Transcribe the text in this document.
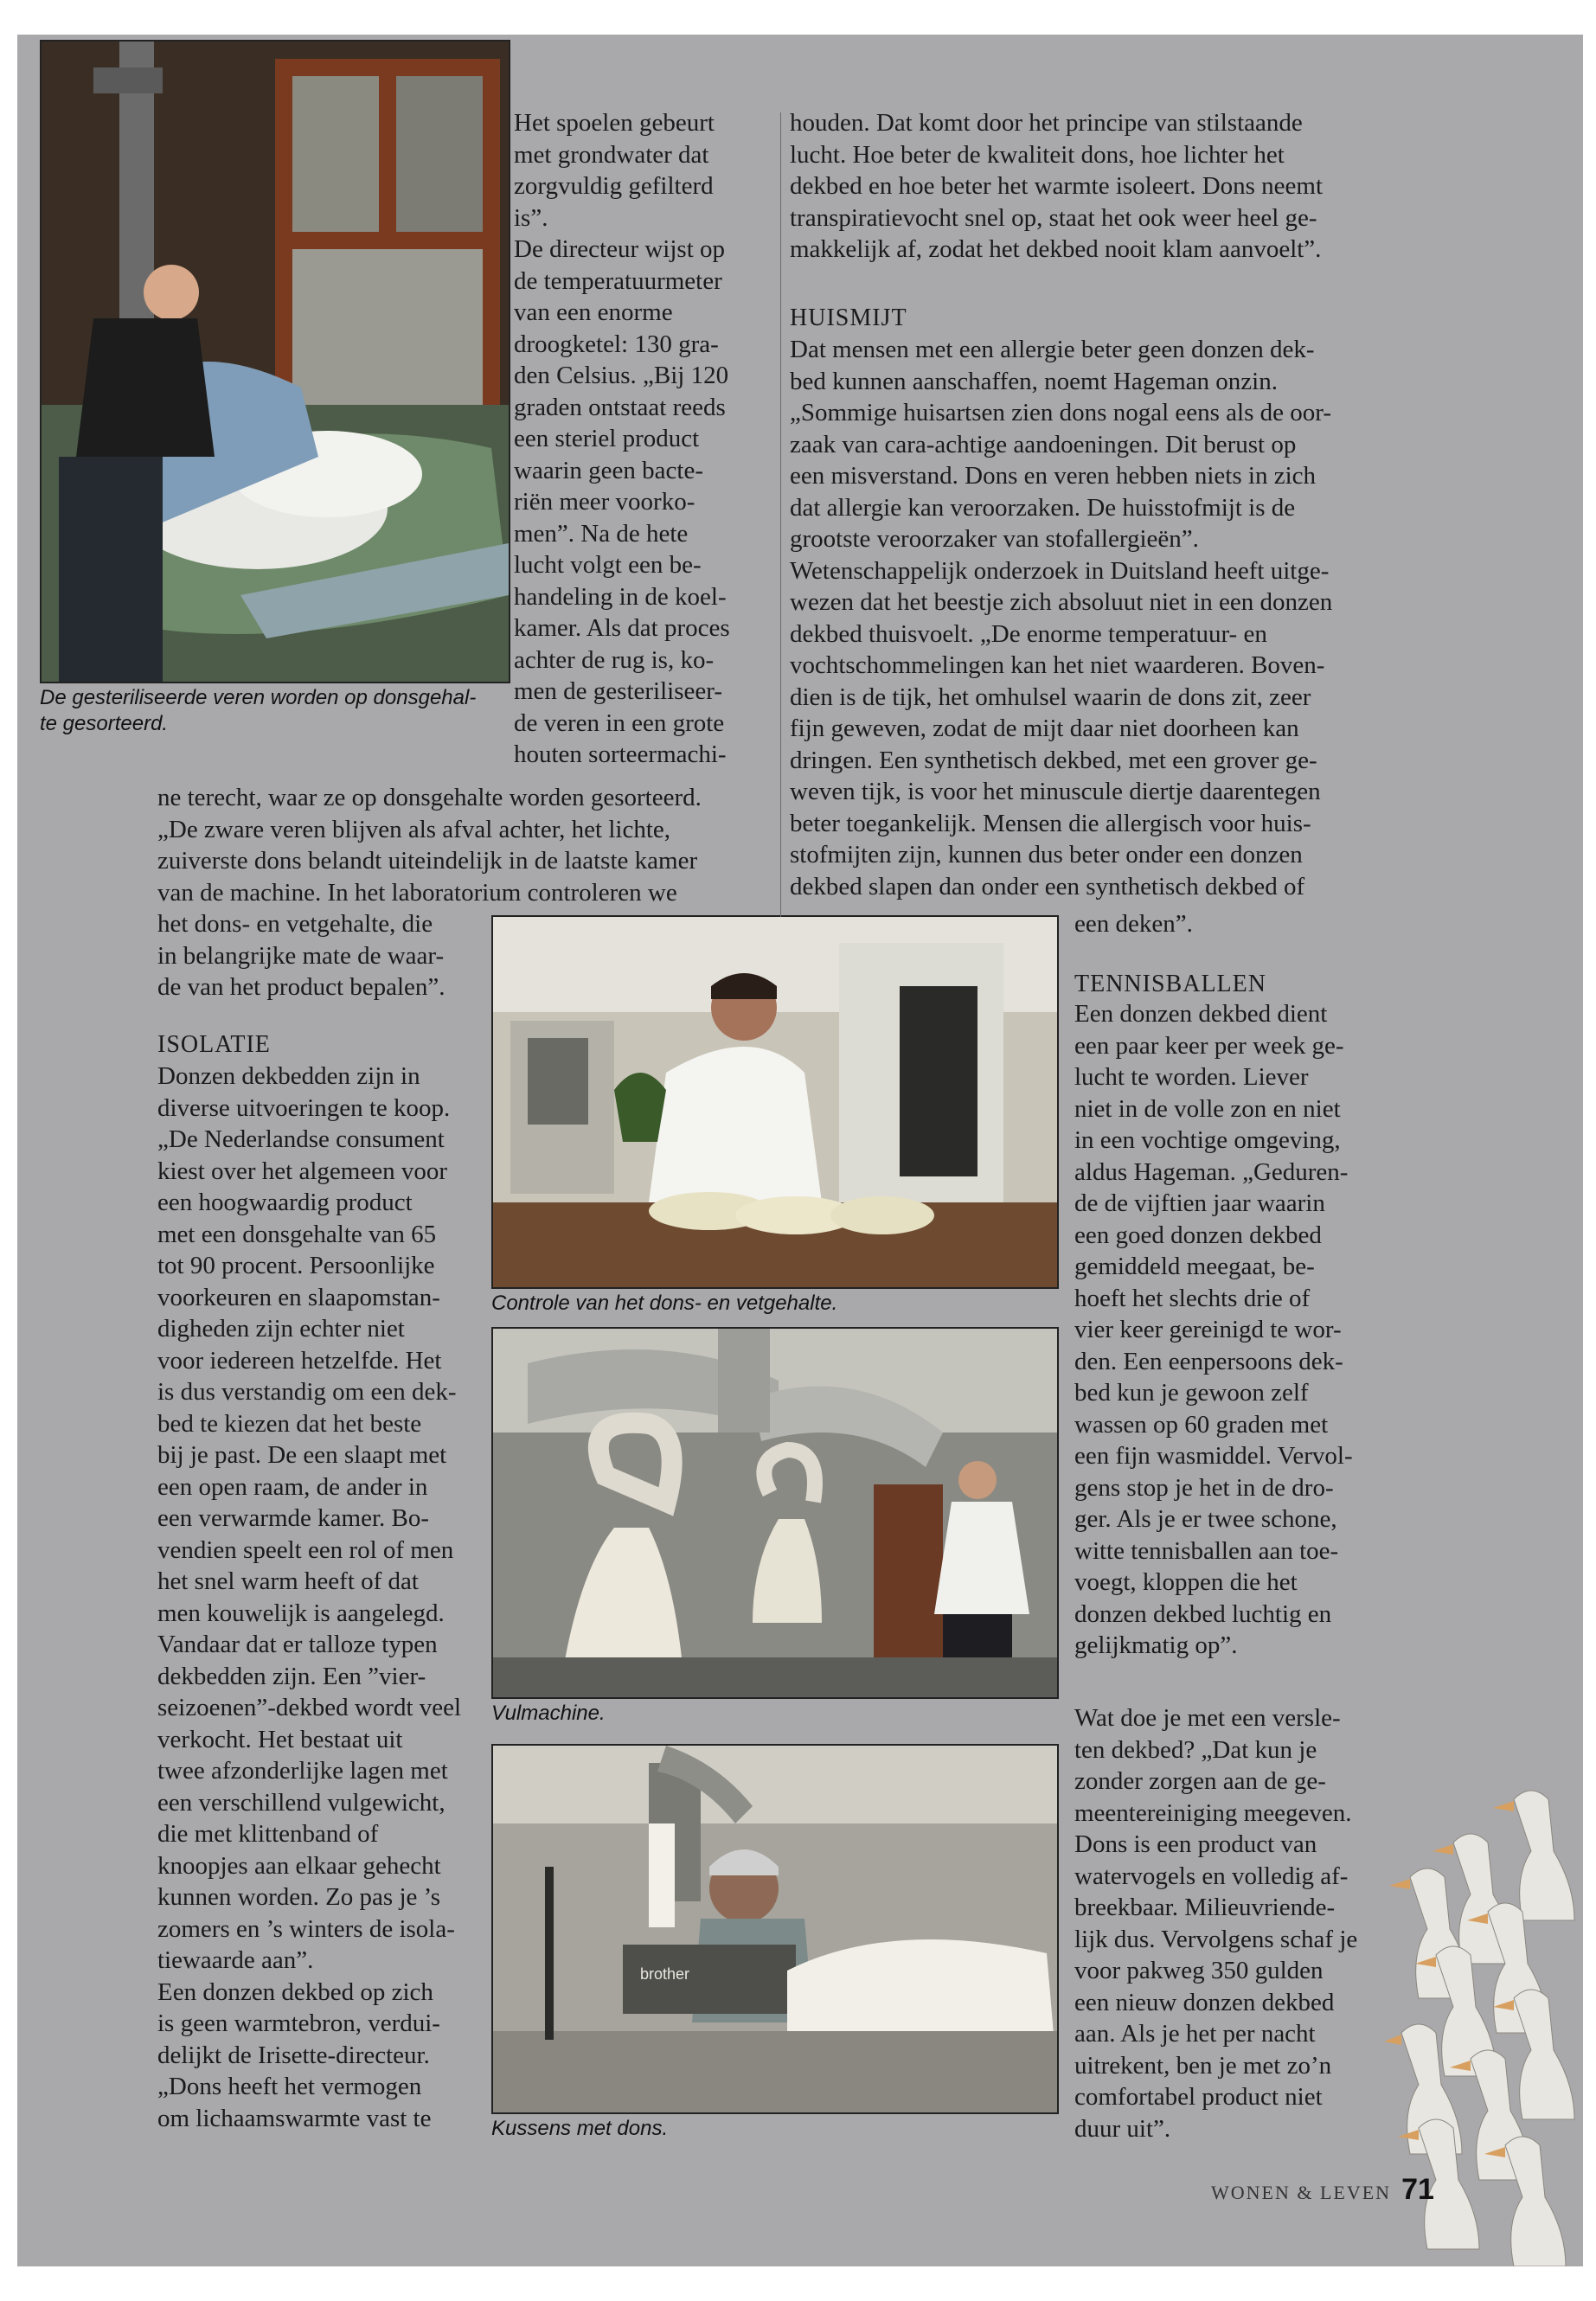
De gesteriliseerde veren worden op donsgehal-
te gesorteerd.

Het spoelen gebeurt
met grondwater dat
zorgvuldig gefilterd
is”.
De directeur wijst op
de temperatuurmeter
van een enorme
droogketel: 130 gra-
den Celsius. „Bij 120
graden ontstaat reeds
een steriel product
waarin geen bacte-
riën meer voorko-
men”. Na de hete
lucht volgt een be-
handeling in de koel-
kamer. Als dat proces
achter de rug is, ko-
men de gesteriliseer-
de veren in een grote
houten sorteermachi-

ne terecht, waar ze op donsgehalte worden gesorteerd.
„De zware veren blijven als afval achter, het lichte,
zuiverste dons belandt uiteindelijk in de laatste kamer
van de machine. In het laboratorium controleren we

het dons- en vetgehalte, die
in belangrijke mate de waar-
de van het product bepalen”.

ISOLATIE

Donzen dekbedden zijn in
diverse uitvoeringen te koop.
„De Nederlandse consument
kiest over het algemeen voor
een hoogwaardig product
met een donsgehalte van 65
tot 90 procent. Persoonlijke
voorkeuren en slaapomstan-
digheden zijn echter niet
voor iedereen hetzelfde. Het
is dus verstandig om een dek-
bed te kiezen dat het beste
bij je past. De een slaapt met
een open raam, de ander in
een verwarmde kamer. Bo-
vendien speelt een rol of men
het snel warm heeft of dat
men kouwelijk is aangelegd.
Vandaar dat er talloze typen
dekbedden zijn. Een ”vier-
seizoenen”-dekbed wordt veel
verkocht. Het bestaat uit
twee afzonderlijke lagen met
een verschillend vulgewicht,
die met klittenband of
knoopjes aan elkaar gehecht
kunnen worden. Zo pas je ’s
zomers en ’s winters de isola-
tiewaarde aan”.
Een donzen dekbed op zich
is geen warmtebron, verdui-
delijkt de Irisette-directeur.
„Dons heeft het vermogen
om lichaamswarmte vast te

Controle van het dons- en vetgehalte.

Vulmachine.

brother

Kussens met dons.

houden. Dat komt door het principe van stilstaande
lucht. Hoe beter de kwaliteit dons, hoe lichter het
dekbed en hoe beter het warmte isoleert. Dons neemt
transpiratievocht snel op, staat het ook weer heel ge-
makkelijk af, zodat het dekbed nooit klam aanvoelt”.

HUISMIJT

Dat mensen met een allergie beter geen donzen dek-
bed kunnen aanschaffen, noemt Hageman onzin.
„Sommige huisartsen zien dons nogal eens als de oor-
zaak van cara-achtige aandoeningen. Dit berust op
een misverstand. Dons en veren hebben niets in zich
dat allergie kan veroorzaken. De huisstofmijt is de
grootste veroorzaker van stofallergieën”.
Wetenschappelijk onderzoek in Duitsland heeft uitge-
wezen dat het beestje zich absoluut niet in een donzen
dekbed thuisvoelt. „De enorme temperatuur- en
vochtschommelingen kan het niet waarderen. Boven-
dien is de tijk, het omhulsel waarin de dons zit, zeer
fijn geweven, zodat de mijt daar niet doorheen kan
dringen. Een synthetisch dekbed, met een grover ge-
weven tijk, is voor het minuscule diertje daarentegen
beter toegankelijk. Mensen die allergisch voor huis-
stofmijten zijn, kunnen dus beter onder een donzen
dekbed slapen dan onder een synthetisch dekbed of

een deken”.

TENNISBALLEN

Een donzen dekbed dient
een paar keer per week ge-
lucht te worden. Liever
niet in de volle zon en niet
in een vochtige omgeving,
aldus Hageman. „Geduren-
de de vijftien jaar waarin
een goed donzen dekbed
gemiddeld meegaat, be-
hoeft het slechts drie of
vier keer gereinigd te wor-
den. Een eenpersoons dek-
bed kun je gewoon zelf
wassen op 60 graden met
een fijn wasmiddel. Vervol-
gens stop je het in de dro-
ger. Als je er twee schone,
witte tennisballen aan toe-
voegt, kloppen die het
donzen dekbed luchtig en
gelijkmatig op”.

Wat doe je met een versle-
ten dekbed? „Dat kun je
zonder zorgen aan de ge-
meentereiniging meegeven.
Dons is een product van
watervogels en volledig af-
breekbaar. Milieuvriende-
lijk dus. Vervolgens schaf je
voor pakweg 350 gulden
een nieuw donzen dekbed
aan. Als je het per nacht
uitrekent, ben je met zo’n
comfortabel product niet
duur uit”.

WONEN & LEVEN 71
